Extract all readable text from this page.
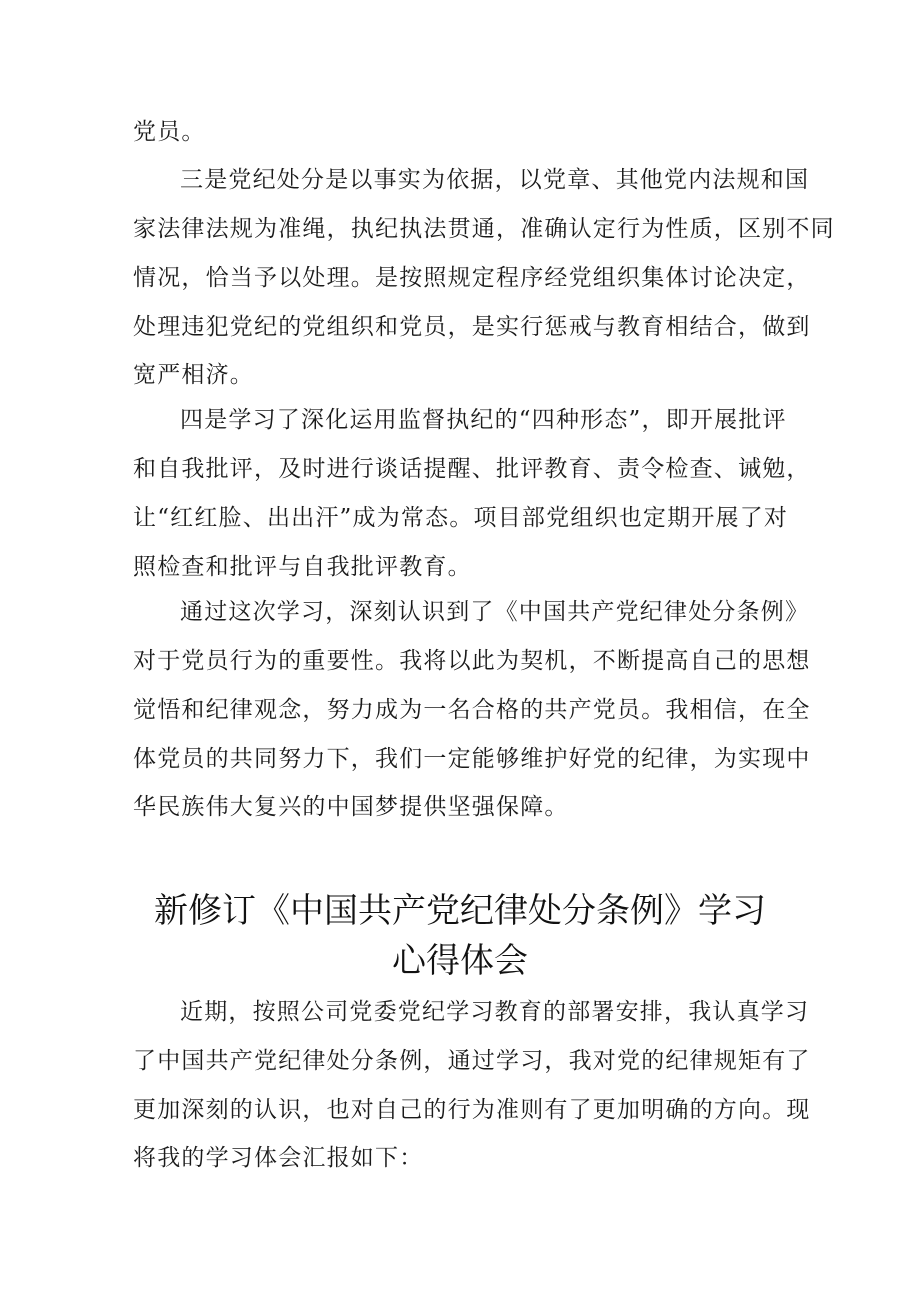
党员。
三是党纪处分是以事实为依据，以党章、其他党内法规和国
家法律法规为准绳，执纪执法贯通，准确认定行为性质，区别不同
情况，恰当予以处理。是按照规定程序经党组织集体讨论决定，
处理违犯党纪的党组织和党员，是实行惩戒与教育相结合，做到
宽严相济。
四是学习了深化运用监督执纪的“四种形态”，即开展批评
和自我批评，及时进行谈话提醒、批评教育、责令检查、诫勉，
让“红红脸、出出汗”成为常态。项目部党组织也定期开展了对
照检查和批评与自我批评教育。
通过这次学习，深刻认识到了《中国共产党纪律处分条例》
对于党员行为的重要性。我将以此为契机，不断提高自己的思想
觉悟和纪律观念，努力成为一名合格的共产党员。我相信，在全
体党员的共同努力下，我们一定能够维护好党的纪律，为实现中
华民族伟大复兴的中国梦提供坚强保障。
新修订《中国共产党纪律处分条例》学习
心得体会
近期，按照公司党委党纪学习教育的部署安排，我认真学习
了中国共产党纪律处分条例，通过学习，我对党的纪律规矩有了
更加深刻的认识，也对自己的行为准则有了更加明确的方向。现
将我的学习体会汇报如下：
